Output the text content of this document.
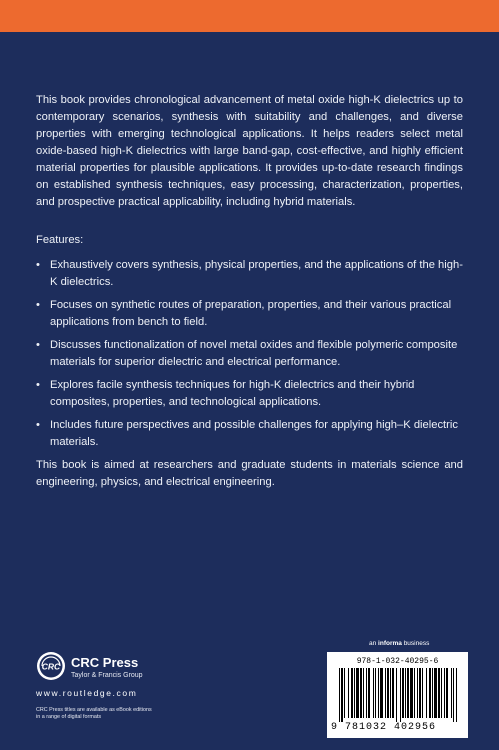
This book provides chronological advancement of metal oxide high-K dielectrics up to contemporary scenarios, synthesis with suitability and challenges, and diverse properties with emerging technological applications. It helps readers select metal oxide-based high-K dielectrics with large band-gap, cost-effective, and highly efficient material properties for plausible applications. It provides up-to-date research findings on established synthesis techniques, easy processing, characterization, properties, and prospective practical applicability, including hybrid materials.

Features:

• Exhaustively covers synthesis, physical properties, and the applications of the high-K dielectrics.
• Focuses on synthetic routes of preparation, properties, and their various practical applications from bench to field.
• Discusses functionalization of novel metal oxides and flexible polymeric composite materials for superior dielectric and electrical performance.
• Explores facile synthesis techniques for high-K dielectrics and their hybrid composites, properties, and technological applications.
• Includes future perspectives and possible challenges for applying high–K dielectric materials.

This book is aimed at researchers and graduate students in materials science and engineering, physics, and electrical engineering.

CRC CRC Press
Taylor & Francis Group
www.routledge.com
CRC Press titles are available as eBook editions in a range of digital formats
an informa business
978-1-032-40295-6
9 781032 402956
